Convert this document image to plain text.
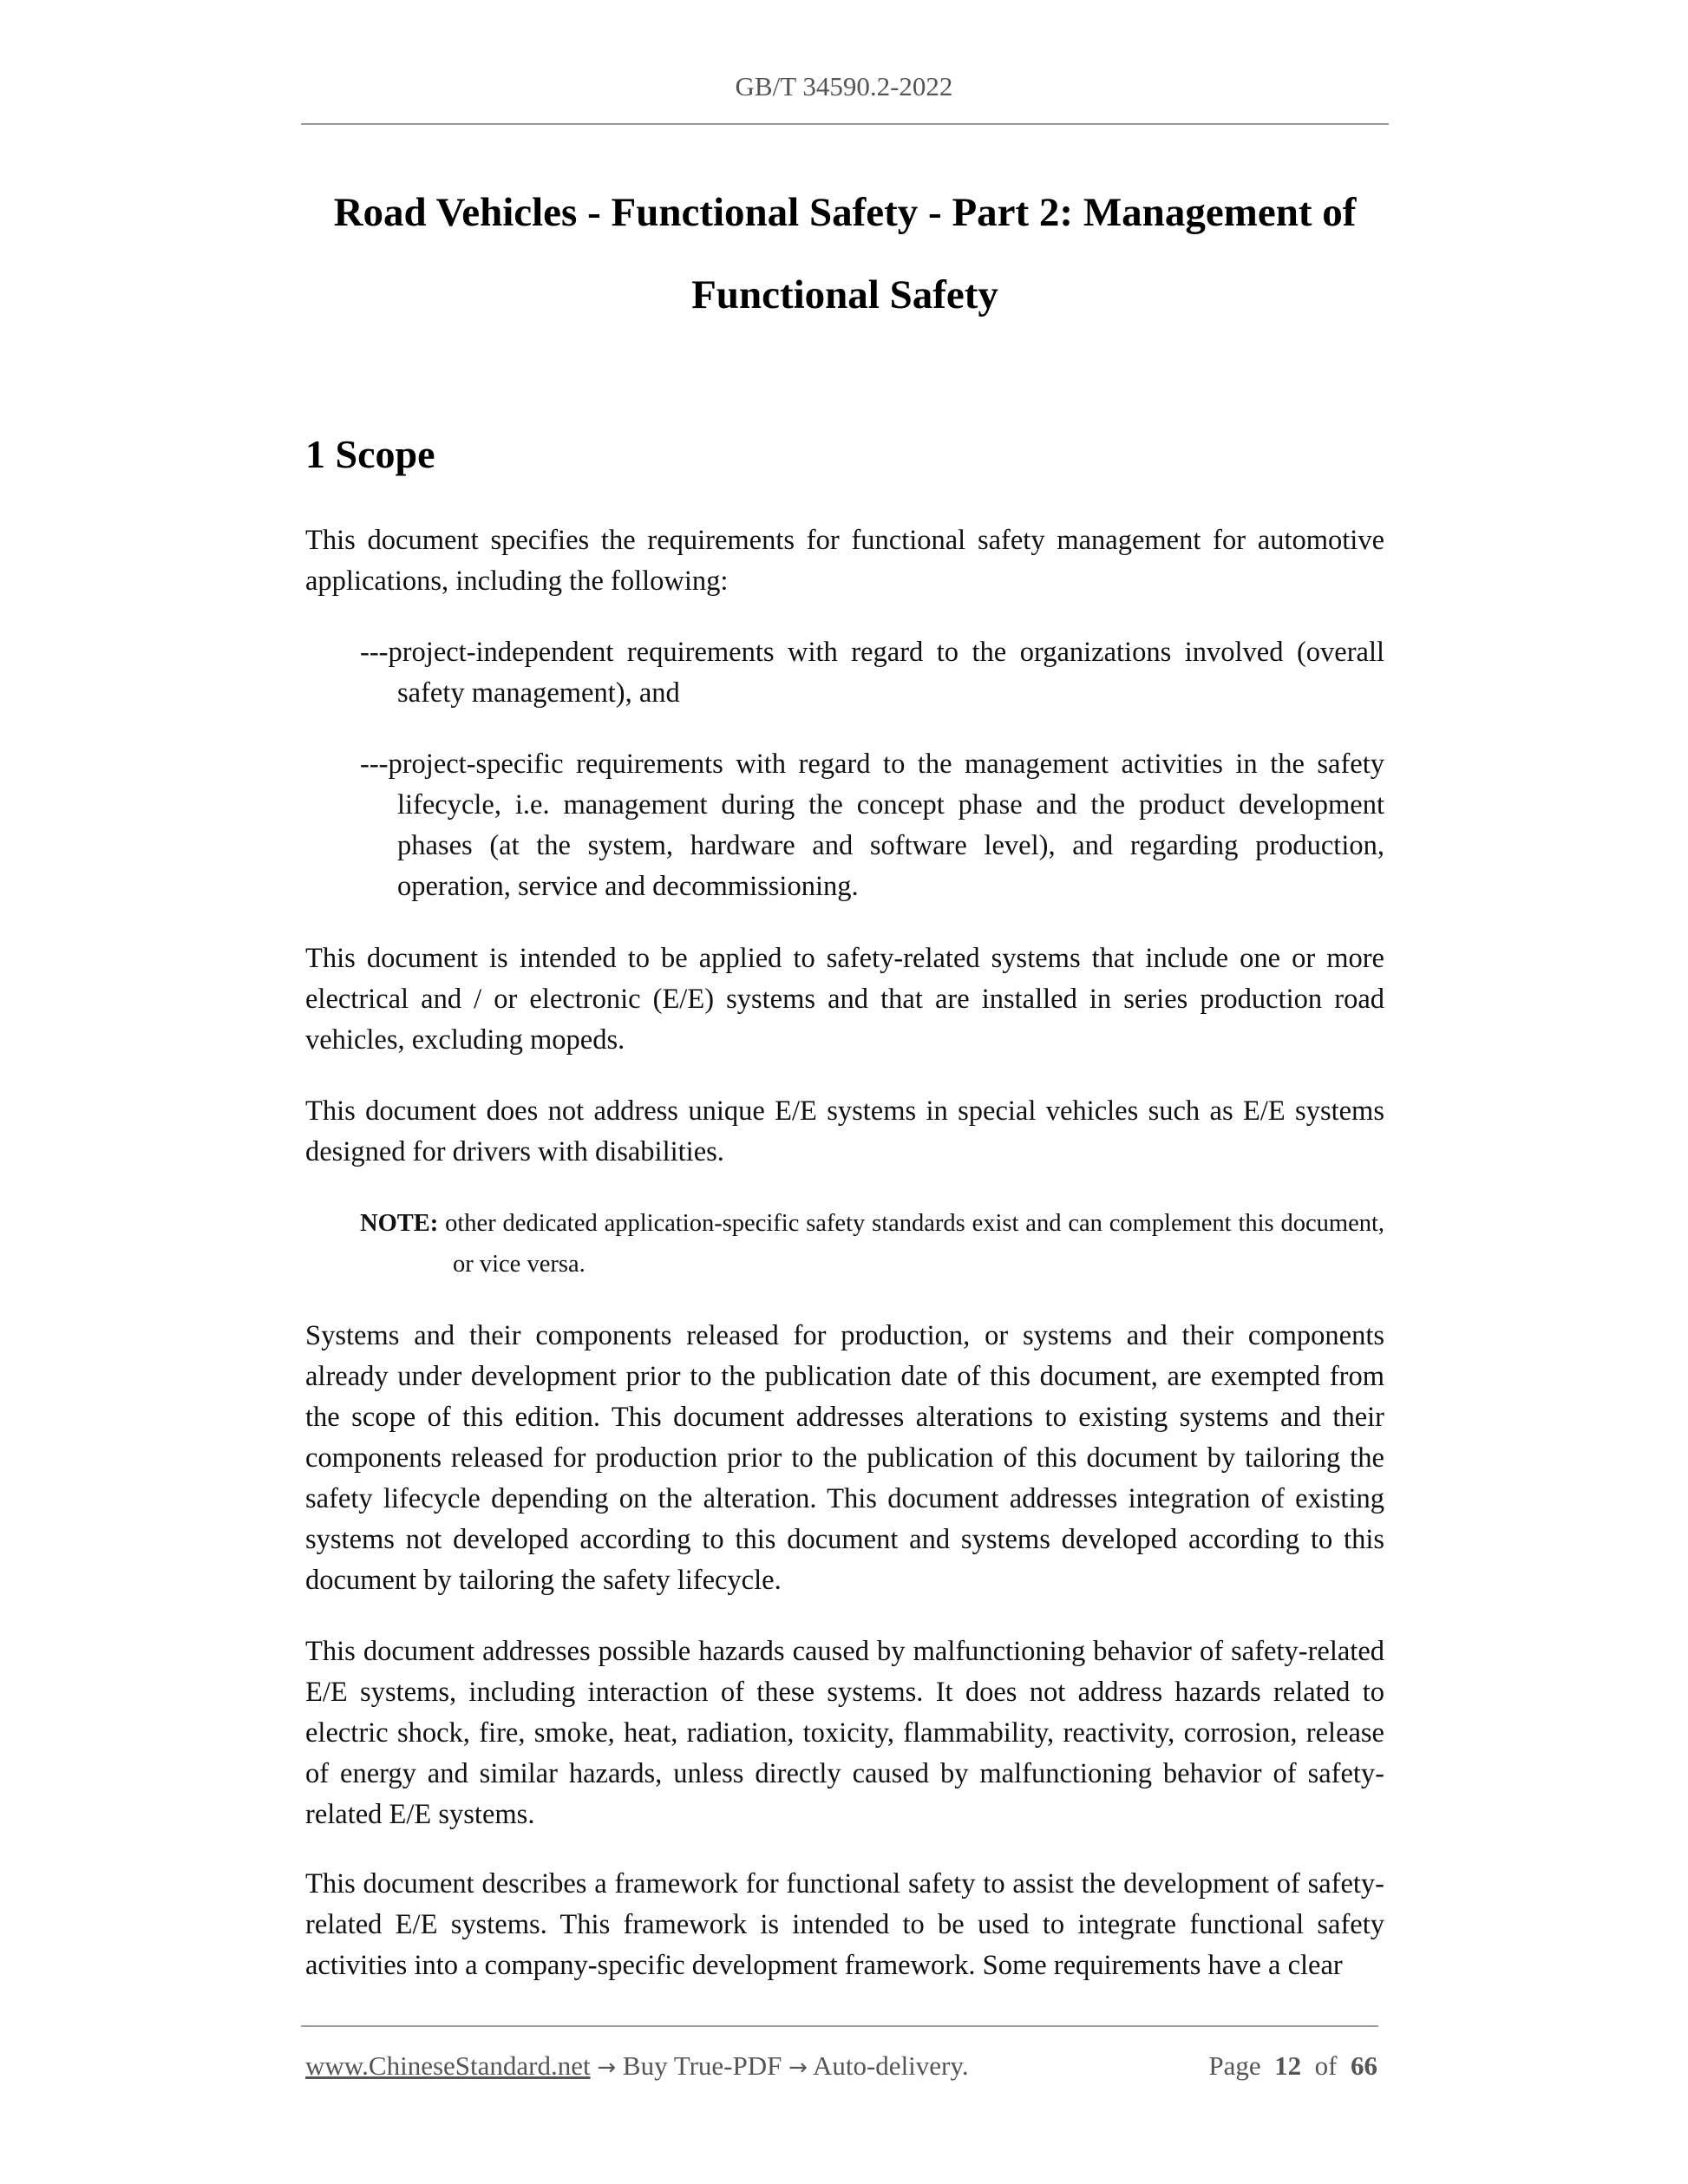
GB/T 34590.2-2022
Road Vehicles - Functional Safety - Part 2: Management of
Functional Safety
1 Scope
This document specifies the requirements for functional safety management for automotive applications, including the following:
---project-independent requirements with regard to the organizations involved (overall safety management), and
---project-specific requirements with regard to the management activities in the safety lifecycle, i.e. management during the concept phase and the product development phases (at the system, hardware and software level), and regarding production, operation, service and decommissioning.
This document is intended to be applied to safety-related systems that include one or more electrical and / or electronic (E/E) systems and that are installed in series production road vehicles, excluding mopeds.
This document does not address unique E/E systems in special vehicles such as E/E systems designed for drivers with disabilities.
NOTE: other dedicated application-specific safety standards exist and can complement this document, or vice versa.
Systems and their components released for production, or systems and their components already under development prior to the publication date of this document, are exempted from the scope of this edition. This document addresses alterations to existing systems and their components released for production prior to the publication of this document by tailoring the safety lifecycle depending on the alteration. This document addresses integration of existing systems not developed according to this document and systems developed according to this document by tailoring the safety lifecycle.
This document addresses possible hazards caused by malfunctioning behavior of safety-related E/E systems, including interaction of these systems. It does not address hazards related to electric shock, fire, smoke, heat, radiation, toxicity, flammability, reactivity, corrosion, release of energy and similar hazards, unless directly caused by malfunctioning behavior of safety-related E/E systems.
This document describes a framework for functional safety to assist the development of safety-related E/E systems. This framework is intended to be used to integrate functional safety activities into a company-specific development framework. Some requirements have a clear
www.ChineseStandard.net → Buy True-PDF → Auto-delivery.	Page 12 of 66
